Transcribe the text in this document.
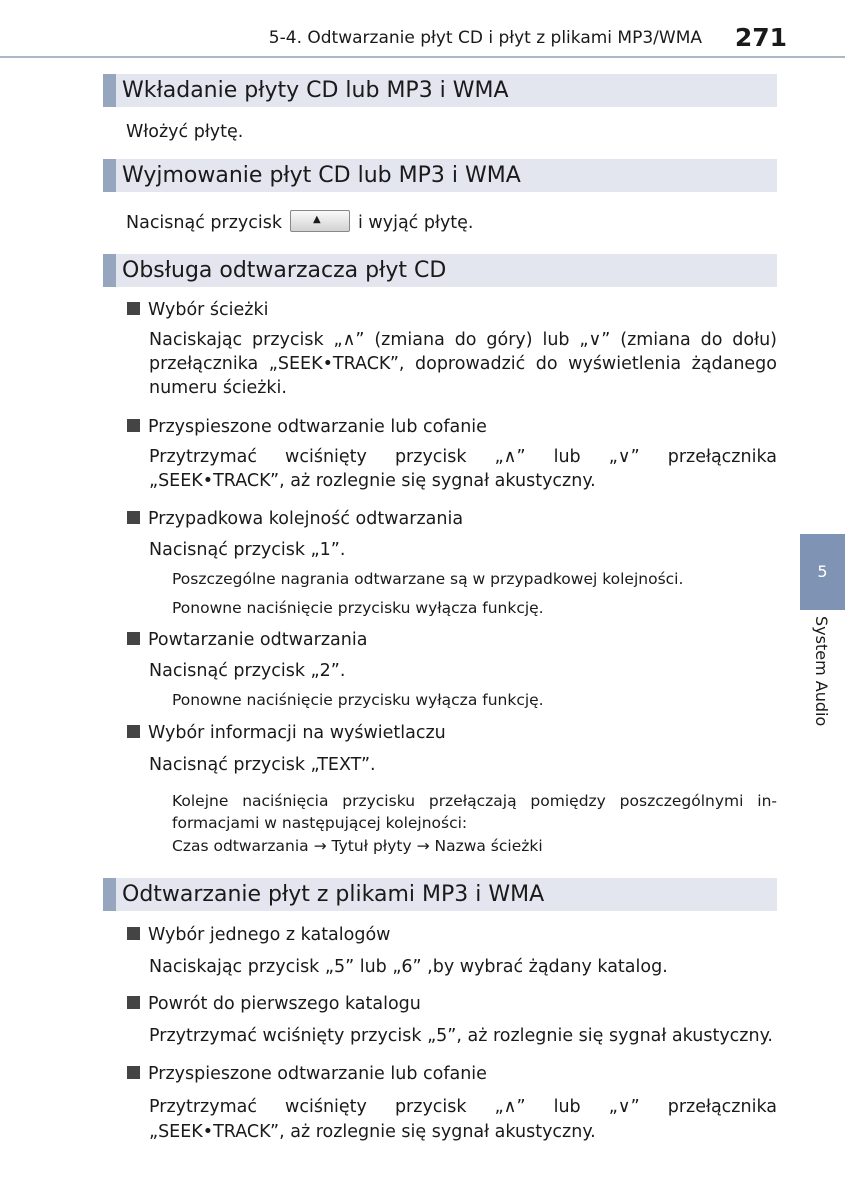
5-4. Odtwarzanie płyt CD i płyt z plikami MP3/WMA 271
5
System Audio
Wkładanie płyty CD lub MP3 i WMA
Włożyć płytę.
Wyjmowanie płyt CD lub MP3 i WMA
Nacisnąć przycisk	▲ i wyjąć płytę.
Obsługa odtwarzacza płyt CD
Wybór ścieżki
Naciskając przycisk „∧” (zmiana do góry) lub „∨” (zmiana do dołu)
przełącznika „SEEK•TRACK”, doprowadzić do wyświetlenia żądanego
numeru ścieżki.
Przyspieszone odtwarzanie lub cofanie
Przytrzymać wciśnięty przycisk „∧” lub „∨” przełącznika
„SEEK•TRACK”, aż rozlegnie się sygnał akustyczny.
Przypadkowa kolejność odtwarzania
Nacisnąć przycisk „1”.
Poszczególne nagrania odtwarzane są w przypadkowej kolejności.
Ponowne naciśnięcie przycisku wyłącza funkcję.
Powtarzanie odtwarzania
Nacisnąć przycisk „2”.
Ponowne naciśnięcie przycisku wyłącza funkcję.
Wybór informacji na wyświetlaczu
Nacisnąć przycisk „TEXT”.
Kolejne naciśnięcia przycisku przełączają pomiędzy poszczególnymi in-
formacjami w następującej kolejności:
Czas odtwarzania → Tytuł płyty → Nazwa ścieżki
Odtwarzanie płyt z plikami MP3 i WMA
Wybór jednego z katalogów
Naciskając przycisk „5” lub „6” ,by wybrać żądany katalog.
Powrót do pierwszego katalogu
Przytrzymać wciśnięty przycisk „5”, aż rozlegnie się sygnał akustyczny.
Przyspieszone odtwarzanie lub cofanie
Przytrzymać wciśnięty przycisk „∧” lub „∨” przełącznika
„SEEK•TRACK”, aż rozlegnie się sygnał akustyczny.
